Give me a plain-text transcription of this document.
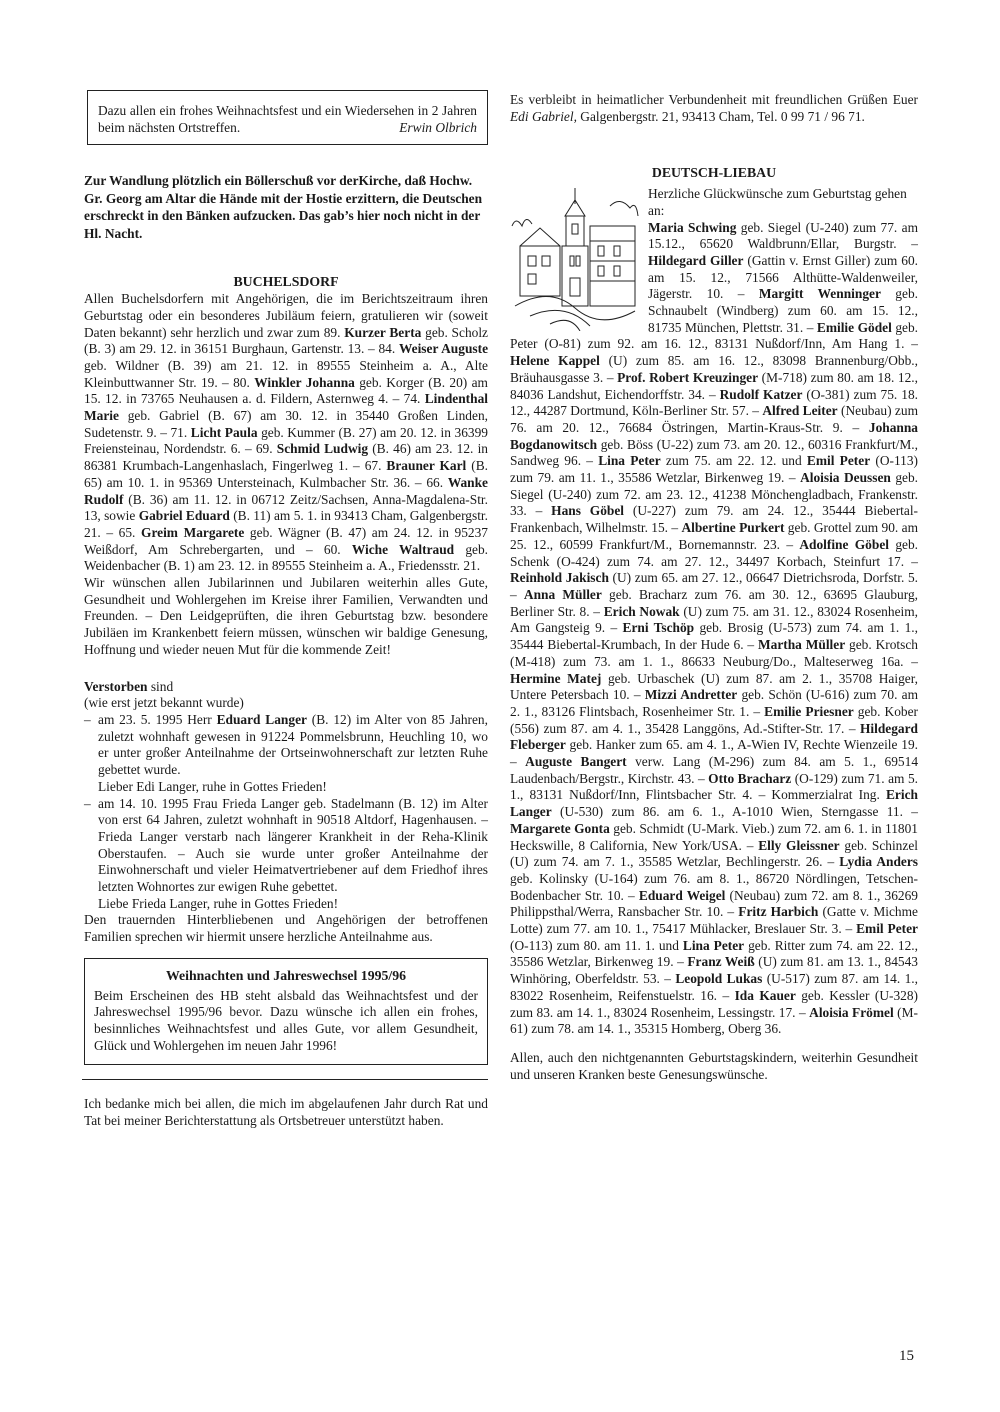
Dazu allen ein frohes Weihnachtsfest und ein Wiedersehen in 2 Jahren beim nächsten Ortstreffen.	Erwin Olbrich

Zur Wandlung plötzlich ein Böllerschuß vor derKirche, daß Hochw. Gr. Georg am Altar die Hände mit der Hostie erzittern, die Deutschen erschreckt in den Bänken aufzucken. Das gab’s hier noch nicht in der Hl. Nacht.

BUCHELSDORF

Allen Buchelsdorfern mit Angehörigen, die im Berichtszeitraum ihren Geburtstag oder ein besonderes Jubiläum feiern, gratulieren wir (soweit Daten bekannt) sehr herzlich und zwar zum 89. Kurzer Berta geb. Scholz (B. 3) am 29. 12. in 36151 Burghaun, Gartenstr. 13. – 84. Weiser Auguste geb. Wildner (B. 39) am 21. 12. in 89555 Steinheim a. A., Alte Kleinbuttwanner Str. 19. – 80. Winkler Johanna geb. Korger (B. 20) am 15. 12. in 73765 Neuhausen a. d. Fildern, Asternweg 4. – 74. Lindenthal Marie geb. Gabriel (B. 67) am 30. 12. in 35440 Großen Linden, Sudetenstr. 9. – 71. Licht Paula geb. Kummer (B. 27) am 20. 12. in 36399 Freiensteinau, Nordendstr. 6. – 69. Schmid Ludwig (B. 46) am 23. 12. in 86381 Krumbach-Langenhaslach, Fingerlweg 1. – 67. Brauner Karl (B. 65) am 10. 1. in 95369 Untersteinach, Kulmbacher Str. 36. – 66. Wanke Rudolf (B. 36) am 11. 12. in 06712 Zeitz/Sachsen, Anna-Magdalena-Str. 13, sowie Gabriel Eduard (B. 11) am 5. 1. in 93413 Cham, Galgenbergstr. 21. – 65. Greim Margarete geb. Wägner (B. 47) am 24. 12. in 95237 Weißdorf, Am Schrebergarten, und – 60. Wiche Waltraud geb. Weidenbacher (B. 1) am 23. 12. in 89555 Steinheim a. A., Friedensstr. 21.

Wir wünschen allen Jubilarinnen und Jubilaren weiterhin alles Gute, Gesundheit und Wohlergehen im Kreise ihrer Familien, Verwandten und Freunden. – Den Leidgeprüften, die ihren Geburtstag bzw. besondere Jubiläen im Krankenbett feiern müssen, wünschen wir baldige Genesung, Hoffnung und wieder neuen Mut für die kommende Zeit!

Verstorben sind

(wie erst jetzt bekannt wurde)

– am 23. 5. 1995 Herr Eduard Langer (B. 12) im Alter von 85 Jahren, zuletzt wohnhaft gewesen in 91224 Pommelsbrunn, Heuchling 10, wo er unter großer Anteilnahme der Ortseinwohnerschaft zur letzten Ruhe gebettet wurde.
Lieber Edi Langer, ruhe in Gottes Frieden!
– am 14. 10. 1995 Frau Frieda Langer geb. Stadelmann (B. 12) im Alter von erst 64 Jahren, zuletzt wohnhaft in 90518 Altdorf, Hagenhausen. – Frieda Langer verstarb nach längerer Krankheit in der Reha-Klinik Oberstaufen. – Auch sie wurde unter großer Anteilnahme der Einwohnerschaft und vieler Heimatvertriebener auf dem Friedhof ihres letzten Wohnortes zur ewigen Ruhe gebettet.
Liebe Frieda Langer, ruhe in Gottes Frieden!

Den trauernden Hinterbliebenen und Angehörigen der betroffenen Familien sprechen wir hiermit unsere herzliche Anteilnahme aus.

Weihnachten und Jahreswechsel 1995/96

Beim Erscheinen des HB steht alsbald das Weihnachtsfest und der Jahreswechsel 1995/96 bevor. Dazu wünsche ich allen ein frohes, besinnliches Weihnachtsfest und alles Gute, vor allem Gesundheit, Glück und Wohlergehen im neuen Jahr 1996!

Ich bedanke mich bei allen, die mich im abgelaufenen Jahr durch Rat und Tat bei meiner Berichterstattung als Ortsbetreuer unterstützt haben.

Es verbleibt in heimatlicher Verbundenheit mit freundlichen Grüßen Euer Edi Gabriel, Galgenbergstr. 21, 93413 Cham, Tel. 0 99 71 / 96 71.

DEUTSCH-LIEBAU

Herzliche Glückwünsche zum Geburtstag gehen an:

Maria Schwing geb. Siegel (U-240) zum 77. am 15.12., 65620 Waldbrunn/Ellar, Burgstr. – Hildegard Giller (Gattin v. Ernst Giller) zum 60. am 15. 12., 71566 Althütte-Waldenweiler, Jägerstr. 10. – Margitt Wenninger geb. Schnaubelt (Windberg) zum 60. am 15. 12., 81735 München, Plettstr. 31. – Emilie Gödel geb. Peter (O-81) zum 92. am 16. 12., 83131 Nußdorf/Inn, Am Hang 1. – Helene Kappel (U) zum 85. am 16. 12., 83098 Brannenburg/Obb., Bräuhausgasse 3. – Prof. Robert Kreuzinger (M-718) zum 80. am 18. 12., 84036 Landshut, Eichendorffstr. 34. – Rudolf Katzer (O-381) zum 75. 18. 12., 44287 Dortmund, Köln-Berliner Str. 57. – Alfred Leiter (Neubau) zum 76. am 20. 12., 76684 Östringen, Martin-Kraus-Str. 9. – Johanna Bogdanowitsch geb. Böss (U-22) zum 73. am 20. 12., 60316 Frankfurt/M., Sandweg 96. – Lina Peter zum 75. am 22. 12. und Emil Peter (O-113) zum 79. am 11. 1., 35586 Wetzlar, Birkenweg 19. – Aloisia Deussen geb. Siegel (U-240) zum 72. am 23. 12., 41238 Mönchengladbach, Frankenstr. 33. – Hans Göbel (U-227) zum 79. am 24. 12., 35444 Biebertal-Frankenbach, Wilhelmstr. 15. – Albertine Purkert geb. Grottel zum 90. am 25. 12., 60599 Frankfurt/M., Bornemannstr. 23. – Adolfine Göbel geb. Schenk (O-424) zum 74. am 27. 12., 34497 Korbach, Steinfurt 17. – Reinhold Jakisch (U) zum 65. am 27. 12., 06647 Dietrichsroda, Dorfstr. 5. – Anna Müller geb. Bracharz zum 76. am 30. 12., 63695 Glauburg, Berliner Str. 8. – Erich Nowak (U) zum 75. am 31. 12., 83024 Rosenheim, Am Gangsteig 9. – Erni Tschöp geb. Brosig (U-573) zum 74. am 1. 1., 35444 Biebertal-Krumbach, In der Hude 6. – Martha Müller geb. Krotsch (M-418) zum 73. am 1. 1., 86633 Neuburg/Do., Malteserweg 16a. – Hermine Matej geb. Urbaschek (U) zum 87. am 2. 1., 35708 Haiger, Untere Petersbach 10. – Mizzi Andretter geb. Schön (U-616) zum 70. am 2. 1., 83126 Flintsbach, Rosenheimer Str. 1. – Emilie Priesner geb. Kober (556) zum 87. am 4. 1., 35428 Langgöns, Ad.-Stifter-Str. 17. – Hildegard Fleberger geb. Hanker zum 65. am 4. 1., A-Wien IV, Rechte Wienzeile 19. – Auguste Bangert verw. Lang (M-296) zum 84. am 5. 1., 69514 Laudenbach/Bergstr., Kirchstr. 43. – Otto Bracharz (O-129) zum 71. am 5. 1., 83131 Nußdorf/Inn, Flintsbacher Str. 4. – Kommerzialrat Ing. Erich Langer (U-530) zum 86. am 6. 1., A-1010 Wien, Sterngasse 11. – Margarete Gonta geb. Schmidt (U-Mark. Vieb.) zum 72. am 6. 1. in 11801 Heckswille, 8 California, New York/USA. – Elly Gleissner geb. Schinzel (U) zum 74. am 7. 1., 35585 Wetzlar, Bechlingerstr. 26. – Lydia Anders geb. Kolinsky (U-164) zum 76. am 8. 1., 86720 Nördlingen, Tetschen-Bodenbacher Str. 10. – Eduard Weigel (Neubau) zum 72. am 8. 1., 36269 Philippsthal/Werra, Ransbacher Str. 10. – Fritz Harbich (Gatte v. Michme Lotte) zum 77. am 10. 1., 75417 Mühlacker, Breslauer Str. 3. – Emil Peter (O-113) zum 80. am 11. 1. und Lina Peter geb. Ritter zum 74. am 22. 12., 35586 Wetzlar, Birkenweg 19. – Franz Weiß (U) zum 81. am 13. 1., 84543 Winhöring, Oberfeldstr. 53. – Leopold Lukas (U-517) zum 87. am 14. 1., 83022 Rosenheim, Reifenstuelstr. 16. – Ida Kauer geb. Kessler (U-328) zum 83. am 14. 1., 83024 Rosenheim, Lessingstr. 17. – Aloisia Frömel (M-61) zum 78. am 14. 1., 35315 Homberg, Oberg 36.

Allen, auch den nichtgenannten Geburtstagskindern, weiterhin Gesundheit und unseren Kranken beste Genesungswünsche.

15
